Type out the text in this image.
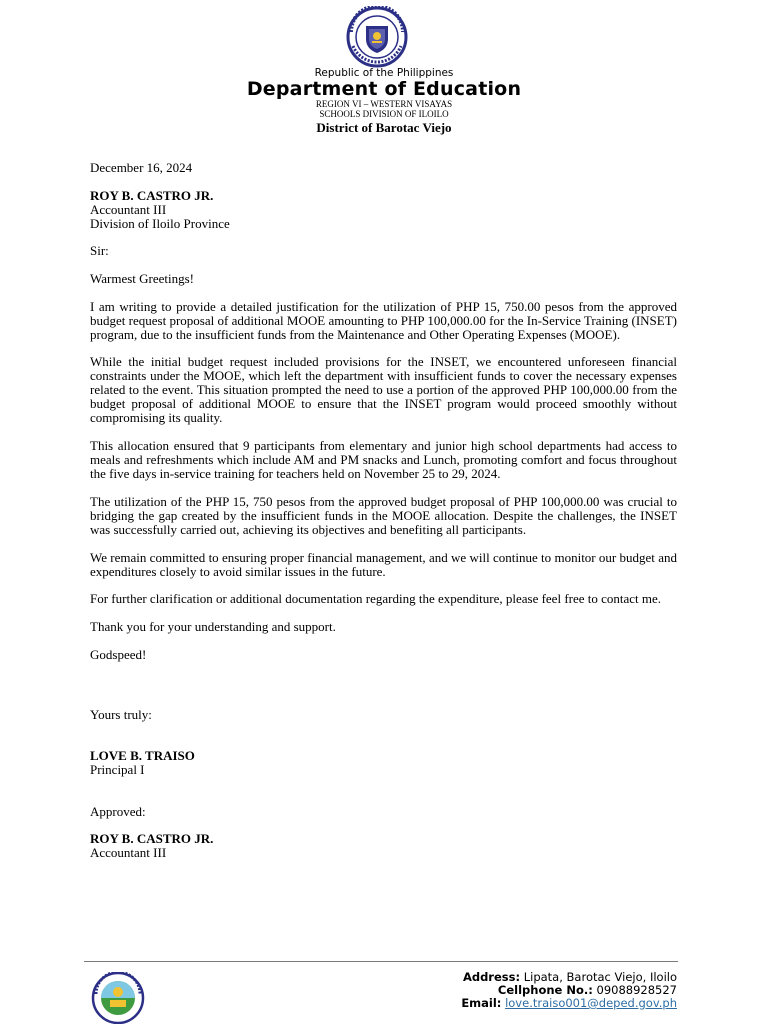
Republic of the Philippines
Department of Education
REGION VI – WESTERN VISAYAS
SCHOOLS DIVISION OF ILOILO
District of Barotac Viejo

December 16, 2024

ROY B. CASTRO JR.

Accountant III

Division of Iloilo Province

Sir:

Warmest Greetings!

I am writing to provide a detailed justification for the utilization of PHP 15, 750.00 pesos from the approved budget request proposal of additional MOOE amounting to PHP 100,000.00 for the In-Service Training (INSET) program, due to the insufficient funds from the Maintenance and Other Operating Expenses (MOOE).

While the initial budget request included provisions for the INSET, we encountered unforeseen financial constraints under the MOOE, which left the department with insufficient funds to cover the necessary expenses related to the event. This situation prompted the need to use a portion of the approved PHP 100,000.00 from the budget proposal of additional MOOE to ensure that the INSET program would proceed smoothly without compromising its quality.

This allocation ensured that 9 participants from elementary and junior high school departments had access to meals and refreshments which include AM and PM snacks and Lunch, promoting comfort and focus throughout the five days in-service training for teachers held on November 25 to 29, 2024.

The utilization of the PHP 15, 750 pesos from the approved budget proposal of PHP 100,000.00 was crucial to bridging the gap created by the insufficient funds in the MOOE allocation. Despite the challenges, the INSET was successfully carried out, achieving its objectives and benefiting all participants.

We remain committed to ensuring proper financial management, and we will continue to monitor our budget and expenditures closely to avoid similar issues in the future.

For further clarification or additional documentation regarding the expenditure, please feel free to contact me.

Thank you for your understanding and support.

Godspeed!

Yours truly:

LOVE B. TRAISO

Principal I

Approved:

ROY B. CASTRO JR.

Accountant III

Address: Lipata, Barotac Viejo, Iloilo
Cellphone No.: 09088928527
Email: love.traiso001@deped.gov.ph
